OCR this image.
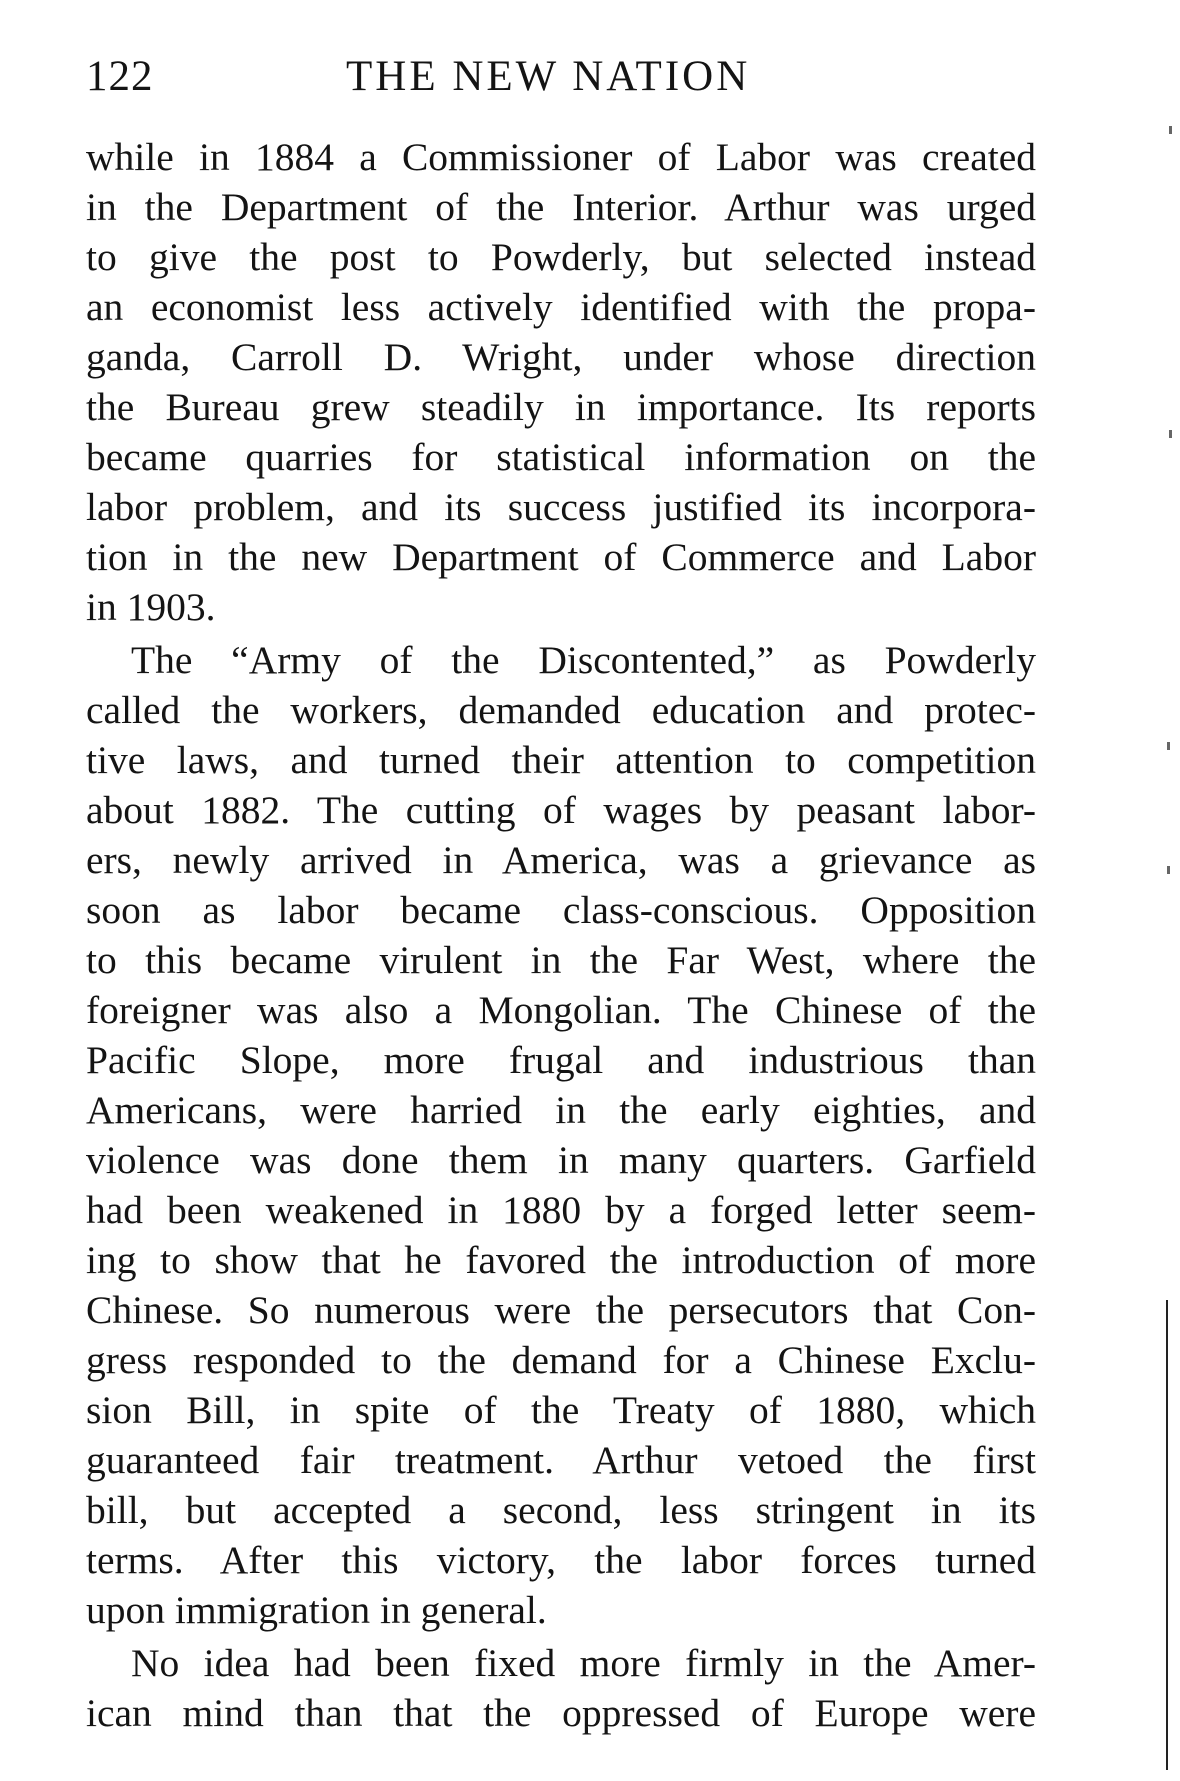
122	THE NEW NATION
while in 1884 a Commissioner of Labor was created
in the Department of the Interior. Arthur was urged
to give the post to Powderly, but selected instead
an economist less actively identified with the propa-
ganda, Carroll D. Wright, under whose direction
the Bureau grew steadily in importance. Its reports
became quarries for statistical information on the
labor problem, and its success justified its incorpora-
tion in the new Department of Commerce and Labor
in 1903.
The “Army of the Discontented,” as Powderly
called the workers, demanded education and protec-
tive laws, and turned their attention to competition
about 1882. The cutting of wages by peasant labor-
ers, newly arrived in America, was a grievance as
soon as labor became class-conscious. Opposition
to this became virulent in the Far West, where the
foreigner was also a Mongolian. The Chinese of the
Pacific Slope, more frugal and industrious than
Americans, were harried in the early eighties, and
violence was done them in many quarters. Garfield
had been weakened in 1880 by a forged letter seem-
ing to show that he favored the introduction of more
Chinese. So numerous were the persecutors that Con-
gress responded to the demand for a Chinese Exclu-
sion Bill, in spite of the Treaty of 1880, which
guaranteed fair treatment. Arthur vetoed the first
bill, but accepted a second, less stringent in its
terms. After this victory, the labor forces turned
upon immigration in general.
No idea had been fixed more firmly in the Amer-
ican mind than that the oppressed of Europe were
